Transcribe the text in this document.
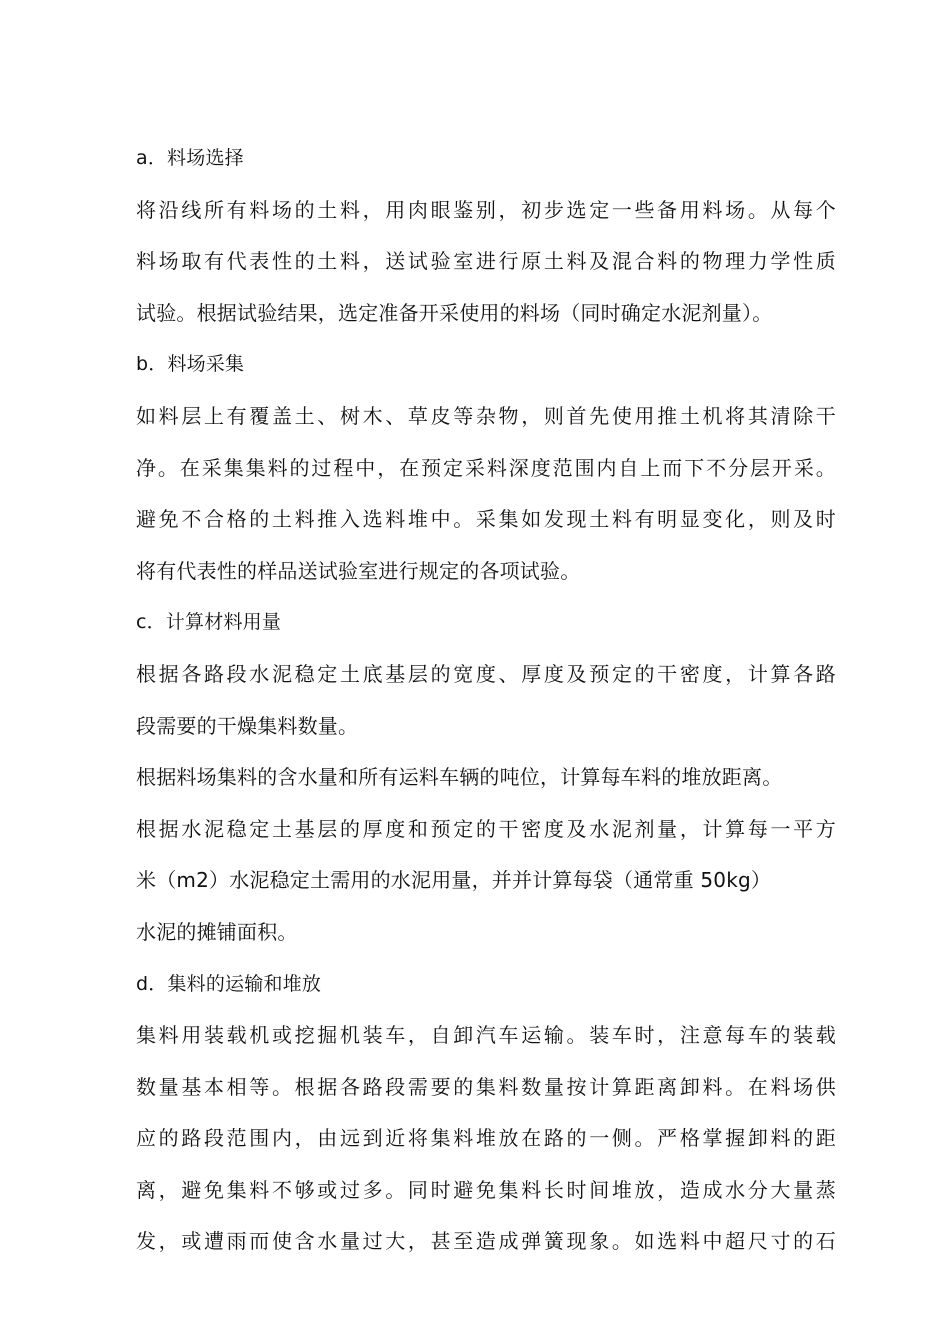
a．料场选择
将沿线所有料场的土料，用肉眼鉴别，初步选定一些备用料场。从每个
料场取有代表性的土料，送试验室进行原土料及混合料的物理力学性质
试验。根据试验结果，选定准备开采使用的料场（同时确定水泥剂量）。
b．料场采集
如料层上有覆盖土、树木、草皮等杂物，则首先使用推土机将其清除干
净。在采集集料的过程中，在预定采料深度范围内自上而下不分层开采。
避免不合格的土料推入选料堆中。采集如发现土料有明显变化，则及时
将有代表性的样品送试验室进行规定的各项试验。
c．计算材料用量
根据各路段水泥稳定土底基层的宽度、厚度及预定的干密度，计算各路
段需要的干燥集料数量。
根据料场集料的含水量和所有运料车辆的吨位，计算每车料的堆放距离。
根据水泥稳定土基层的厚度和预定的干密度及水泥剂量，计算每一平方
米（m2）水泥稳定土需用的水泥用量，并并计算每袋（通常重 50kg）
水泥的摊铺面积。
d．集料的运输和堆放
集料用装载机或挖掘机装车，自卸汽车运输。装车时，注意每车的装载
数量基本相等。根据各路段需要的集料数量按计算距离卸料。在料场供
应的路段范围内，由远到近将集料堆放在路的一侧。严格掌握卸料的距
离，避免集料不够或过多。同时避免集料长时间堆放，造成水分大量蒸
发，或遭雨而使含水量过大，甚至造成弹簧现象。如选料中超尺寸的石
